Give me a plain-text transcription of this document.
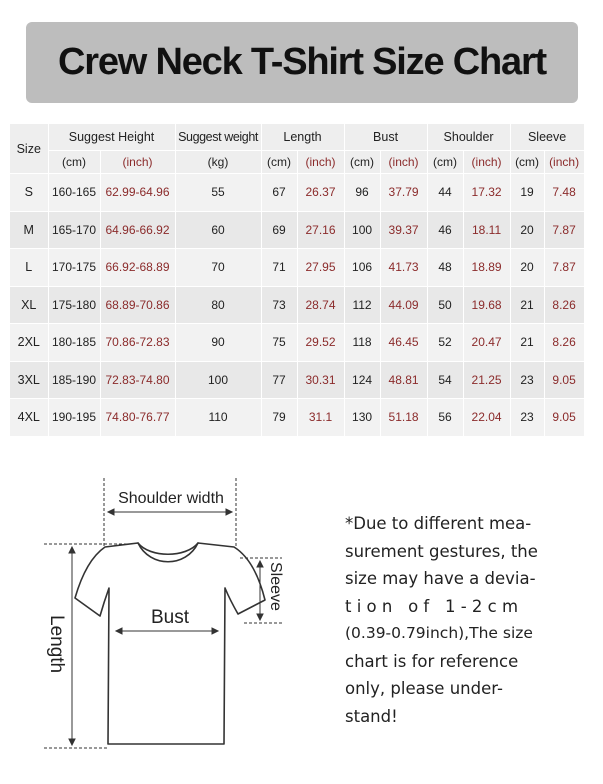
Crew Neck T-Shirt Size Chart
Size	Suggest Height		Suggest weight	Length		Bust		Shoulder		Sleeve	
	(cm)	(inch)	(kg)	(cm)	(inch)	(cm)	(inch)	(cm)	(inch)	(cm)	(inch)
S	160-165	62.99-64.96	55	67	26.37	96	37.79	44	17.32	19	7.48
M	165-170	64.96-66.92	60	69	27.16	100	39.37	46	18.11	20	7.87
L	170-175	66.92-68.89	70	71	27.95	106	41.73	48	18.89	20	7.87
XL	175-180	68.89-70.86	80	73	28.74	112	44.09	50	19.68	21	8.26
2XL	180-185	70.86-72.83	90	75	29.52	118	46.45	52	20.47	21	8.26
3XL	185-190	72.83-74.80	100	77	30.31	124	48.81	54	21.25	23	9.05
4XL	190-195	74.80-76.77	110	79	31.1	130	51.18	56	22.04	23	9.05
Shoulder width
Bust
Sleeve
Length
*Due to different mea-
surement gestures, the
size may have a devia-
t i o n   o f   1 - 2 c m
(0.39-0.79inch),The size
chart is for reference
only, please under-
stand!
